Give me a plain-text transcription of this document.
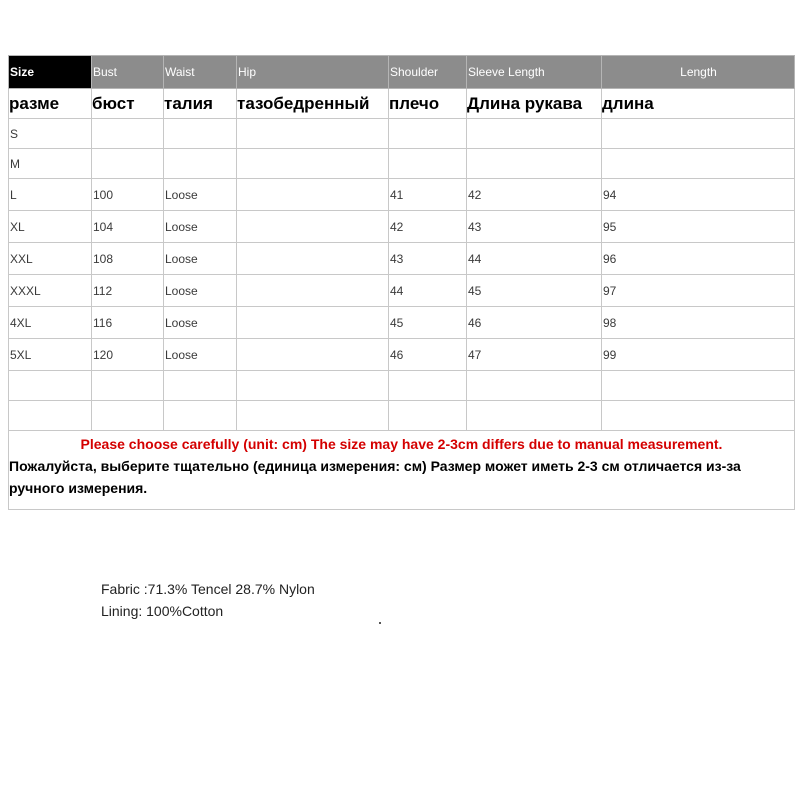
Size	Bust	Waist	Hip	Shoulder	Sleeve Length	Length
разме	бюст	талия	тазобедренный	плечо	Длина рукава	длина
S						
M						
L	100	Loose		41	42	94
XL	104	Loose		42	43	95
XXL	108	Loose		43	44	96
XXXL	112	Loose		44	45	97
4XL	116	Loose		45	46	98
5XL	120	Loose		46	47	99

Please choose carefully (unit: cm) The size may have 2-3cm differs due to manual measurement.
Пожалуйста, выберите тщательно (единица измерения: см) Размер может иметь 2-3 см отличается из-за ручного измерения.						
Fabric :71.3% Tencel 28.7% Nylon
Lining: 100%Cotton
